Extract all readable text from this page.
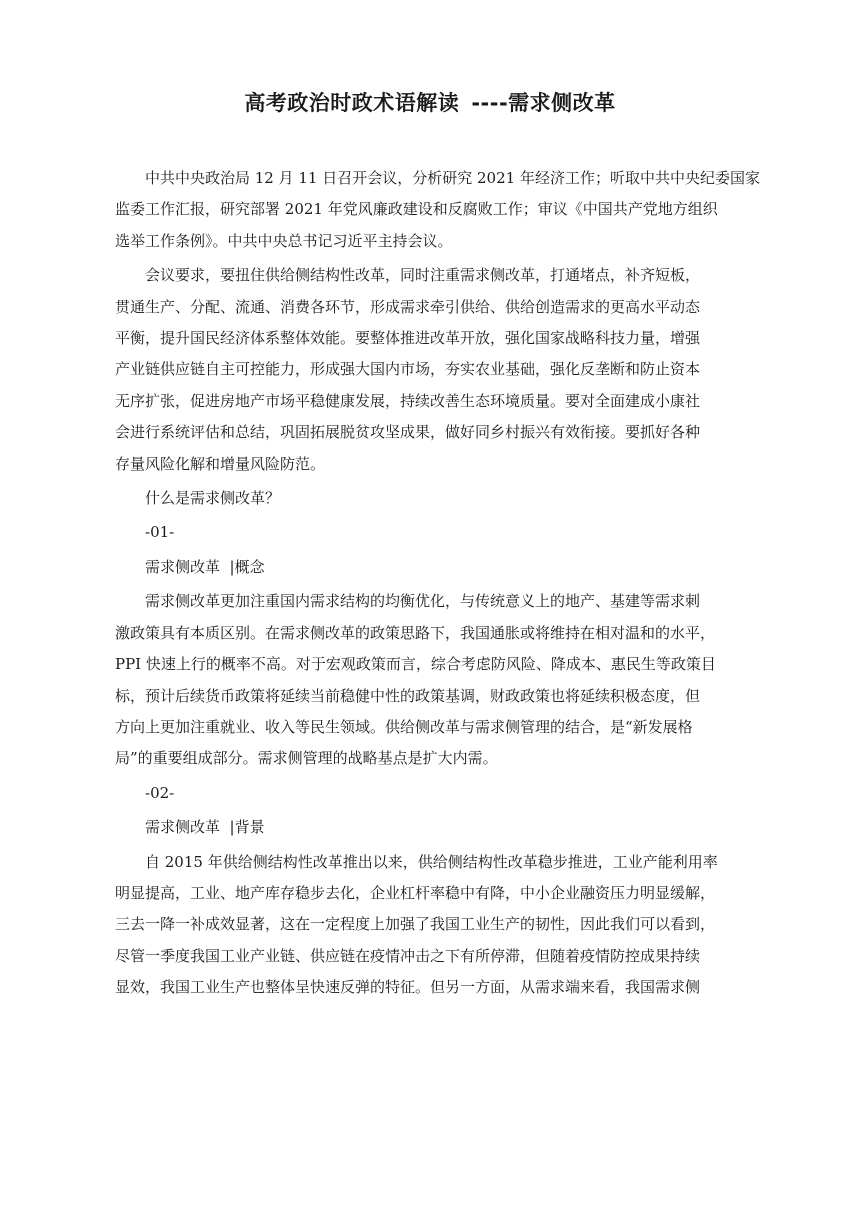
高考政治时政术语解读 ----需求侧改革
中共中央政治局 12 月 11 日召开会议，分析研究 2021 年经济工作；听取中共中央纪委国家
监委工作汇报，研究部署 2021 年党风廉政建设和反腐败工作；审议《中国共产党地方组织
选举工作条例》。中共中央总书记习近平主持会议。
会议要求，要扭住供给侧结构性改革，同时注重需求侧改革，打通堵点，补齐短板，
贯通生产、分配、流通、消费各环节，形成需求牵引供给、供给创造需求的更高水平动态
平衡，提升国民经济体系整体效能。要整体推进改革开放，强化国家战略科技力量，增强
产业链供应链自主可控能力，形成强大国内市场，夯实农业基础，强化反垄断和防止资本
无序扩张，促进房地产市场平稳健康发展，持续改善生态环境质量。要对全面建成小康社
会进行系统评估和总结，巩固拓展脱贫攻坚成果，做好同乡村振兴有效衔接。要抓好各种
存量风险化解和增量风险防范。
什么是需求侧改革？
-01-
需求侧改革  |概念
需求侧改革更加注重国内需求结构的均衡优化，与传统意义上的地产、基建等需求刺
激政策具有本质区别。在需求侧改革的政策思路下，我国通胀或将维持在相对温和的水平，
PPI 快速上行的概率不高。对于宏观政策而言，综合考虑防风险、降成本、惠民生等政策目
标，预计后续货币政策将延续当前稳健中性的政策基调，财政政策也将延续积极态度，但
方向上更加注重就业、收入等民生领域。供给侧改革与需求侧管理的结合，是“新发展格
局”的重要组成部分。需求侧管理的战略基点是扩大内需。
-02-
需求侧改革  |背景
自 2015 年供给侧结构性改革推出以来，供给侧结构性改革稳步推进，工业产能利用率
明显提高，工业、地产库存稳步去化，企业杠杆率稳中有降，中小企业融资压力明显缓解，
三去一降一补成效显著，这在一定程度上加强了我国工业生产的韧性，因此我们可以看到，
尽管一季度我国工业产业链、供应链在疫情冲击之下有所停滞，但随着疫情防控成果持续
显效，我国工业生产也整体呈快速反弹的特征。但另一方面，从需求端来看，我国需求侧
